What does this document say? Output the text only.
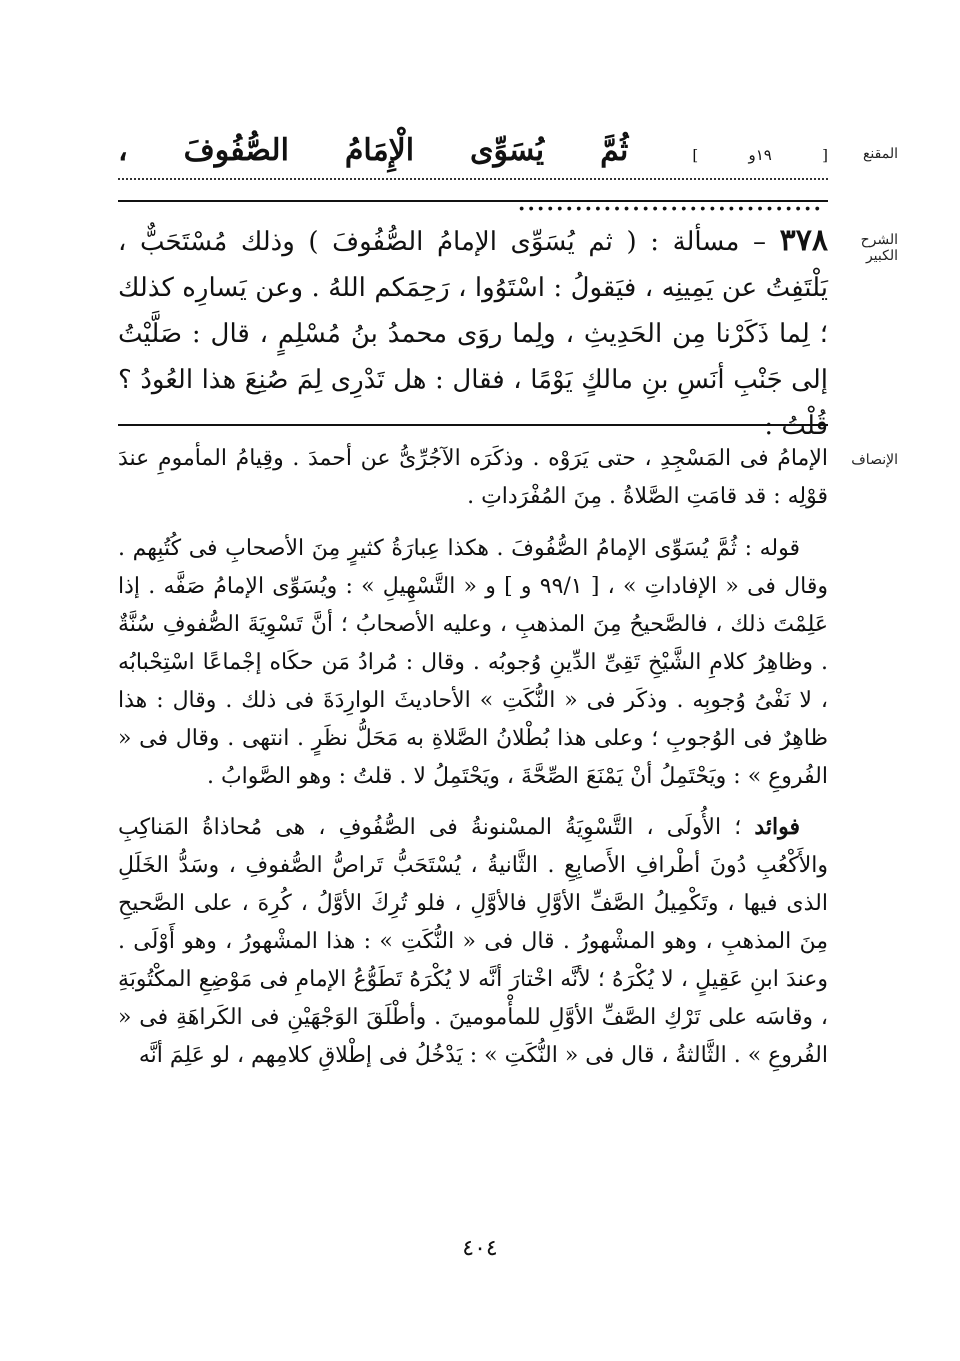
المقنع
[ ١٩و ] ثُمَّ يُسَوِّى الْإِمَامُ الصُّفُوفَ ، ................................
الشرح الكبير
٣٧٨ – مسألة : ( ثم يُسَوِّى الإمامُ الصُّفُوفَ ) وذلك مُسْتَحَبٌّ ، يَلْتَفِتُ عن يَمِينِه ، فيَقولُ : اسْتَوُوا ، رَحِمَكم اللهُ . وعن يَسارِه كذلك ؛ لِما ذَكَرْنا مِن الحَدِيثِ ، ولِما روَى محمدُ بنُ مُسْلِمٍ ، قال : صَلَّيْتُ إلى جَنْبِ أنَسِ بنِ مالكٍ يَوْمًا ، فقال : هل تَدْرِى لِمَ صُنِعَ هذا العُودُ ؟ قُلْتُ :
الإنصاف

الإمامُ فى المَسْجِدِ ، حتى يَرَوْه . وذكَرَه الآجُرِّىُّ عن أحمدَ . وقِيامُ المأمومِ عندَ قوْلِه : قد قامَتِ الصَّلاةُ . مِنَ المُفْرَداتِ .

قوله : ثُمَّ يُسَوِّى الإمامُ الصُّفُوفَ . هكذا عِبارَةُ كثيرٍ مِنَ الأصحابِ فى كُتُبِهم . وقال فى « الإفاداتِ » ، [ ٩٩/١ و ] و « التَّسْهِيلِ » : ويُسَوِّى الإمامُ صَفَّه . إذا عَلِمْتَ ذلك ، فالصَّحيحُ مِنَ المذهبِ ، وعليه الأصحابُ ؛ أنَّ تَسْوِيَةَ الصُّفوفِ سُنَّةٌ . وظاهِرُ كلامِ الشَّيْخِ تَقِىِّ الدِّينِ وُجوبُه . وقال : مُرادُ مَن حكَاه إجْماعًا اسْتِحْبابُه ، لا نَفْىُ وُجوبِه . وذكَر فى « النُّكَتِ » الأحاديثَ الوارِدَةَ فى ذلك . وقال : هذا ظاهِرٌ فى الوُجوبِ ؛ وعلى هذا بُطْلانُ الصَّلاةِ به مَحَلُّ نظَرٍ . انتهى . وقال فى « الفُروعِ » : ويَحْتَمِلُ أنْ يَمْنَعَ الصِّحَّةَ ، ويَحْتَمِلُ لا . قلتُ : وهو الصَّوابُ .

فوائد ؛ الأُولَى ، التَّسْوِيَةُ المسْنونةُ فى الصُّفُوفِ ، هى مُحاذاةُ المَناكِبِ والأَكْعُبِ دُونَ أطْرافِ الأَصابِعِ . الثَّانيةُ ، يُسْتَحَبُّ تَراصُّ الصُّفوفِ ، وسَدُّ الخَلَلِ الذى فيها ، وتَكْمِيلُ الصَّفِّ الأوَّلِ فالأوَّلِ ، فلو تُرِكَ الأوَّلُ ، كُرِهَ ، على الصَّحيحِ مِنَ المذهبِ ، وهو المشْهورُ . قال فى « النُّكَتِ » : هذا المشْهورُ ، وهو أَوْلَى . وعندَ ابنِ عَقِيلٍ ، لا يُكْرَهُ ؛ لأنَّه اخْتارَ أنَّه لا يُكْرَهُ تَطَوُّعُ الإمامِ فى مَوْضِعِ المكْتُوبَةِ ، وقاسَه على تَرْكِ الصَّفِّ الأوَّلِ للمأْمومينَ . وأطْلَقَ الوَجْهَيْنِ فى الكَراهَةِ فى « الفُروعِ » . الثَّالثةُ ، قال فى « النُّكَتِ » : يَدْخُلُ فى إطْلاقِ كلامِهم ، لو عَلِمَ أنَّه

٤٠٤
